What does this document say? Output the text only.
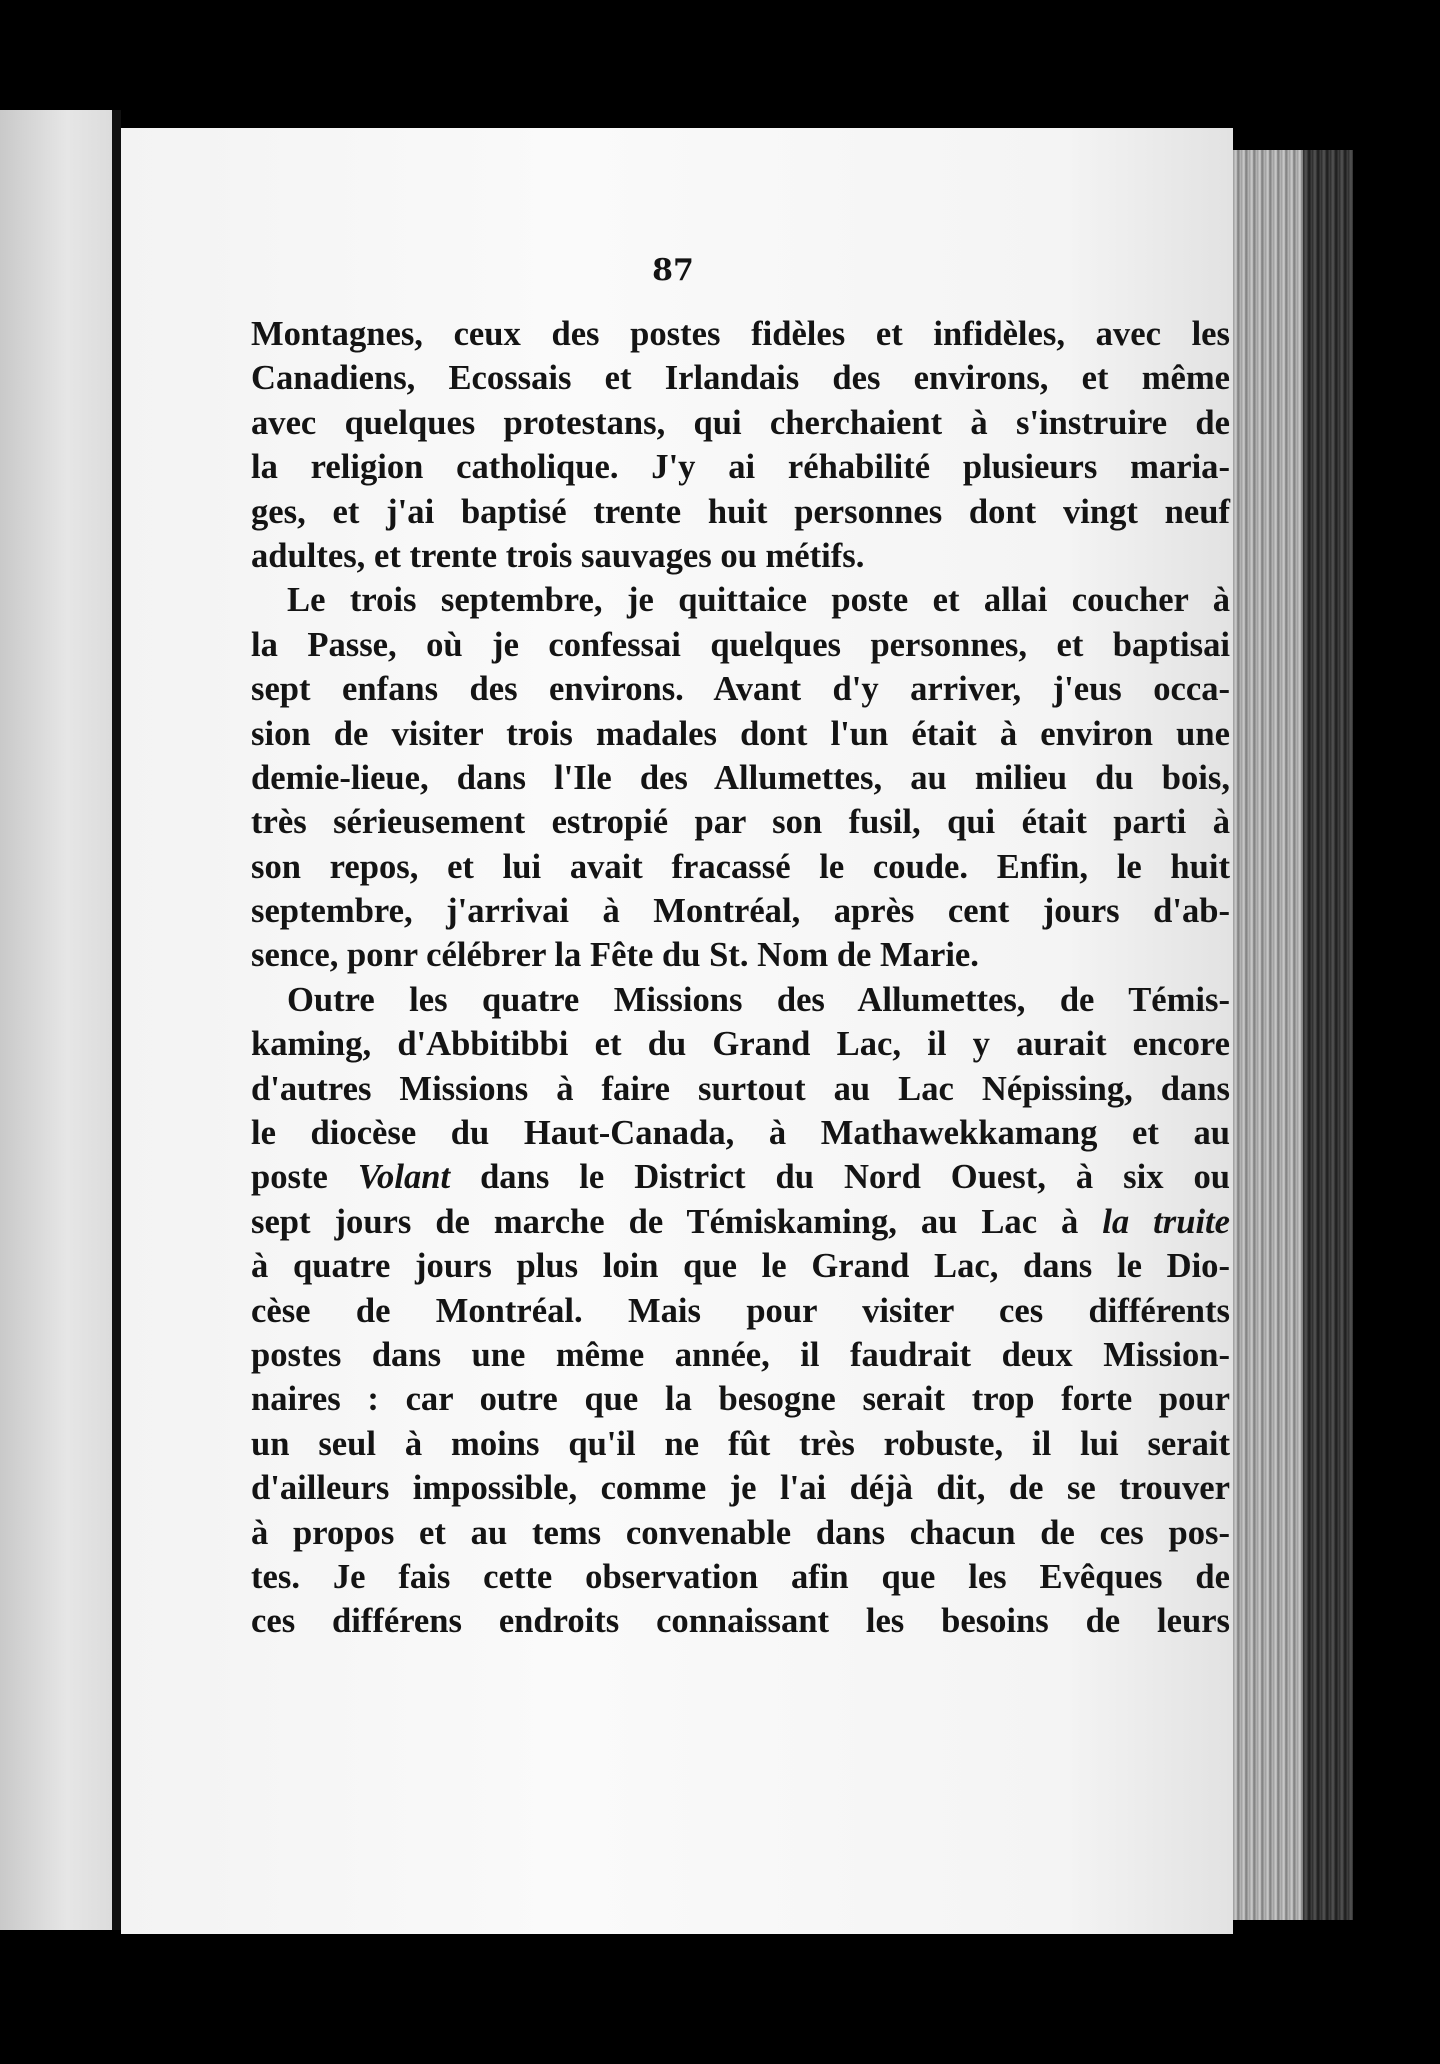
87
Montagnes, ceux des postes fidèles et infidèles, avec les
Canadiens, Ecossais et Irlandais des environs, et même
avec quelques protestans, qui cherchaient à s'instruire de
la religion catholique. J'y ai réhabilité plusieurs maria-
ges, et j'ai baptisé trente huit personnes dont vingt neuf
adultes, et trente trois sauvages ou métifs.
Le trois septembre, je quittaice poste et allai coucher à
la Passe, où je confessai quelques personnes, et baptisai
sept enfans des environs. Avant d'y arriver, j'eus occa-
sion de visiter trois madales dont l'un était à environ une
demie-lieue, dans l'Ile des Allumettes, au milieu du bois,
très sérieusement estropié par son fusil, qui était parti à
son repos, et lui avait fracassé le coude. Enfin, le huit
septembre, j'arrivai à Montréal, après cent jours d'ab-
sence, ponr célébrer la Fête du St. Nom de Marie.
Outre les quatre Missions des Allumettes, de Témis-
kaming, d'Abbitibbi et du Grand Lac, il y aurait encore
d'autres Missions à faire surtout au Lac Népissing, dans
le diocèse du Haut-Canada, à Mathawekkamang et au
poste Volant dans le District du Nord Ouest, à six ou
sept jours de marche de Témiskaming, au Lac à la truite
à quatre jours plus loin que le Grand Lac, dans le Dio-
cèse de Montréal. Mais pour visiter ces différents
postes dans une même année, il faudrait deux Mission-
naires : car outre que la besogne serait trop forte pour
un seul à moins qu'il ne fût très robuste, il lui serait
d'ailleurs impossible, comme je l'ai déjà dit, de se trouver
à propos et au tems convenable dans chacun de ces pos-
tes. Je fais cette observation afin que les Evêques de
ces différens endroits connaissant les besoins de leurs
